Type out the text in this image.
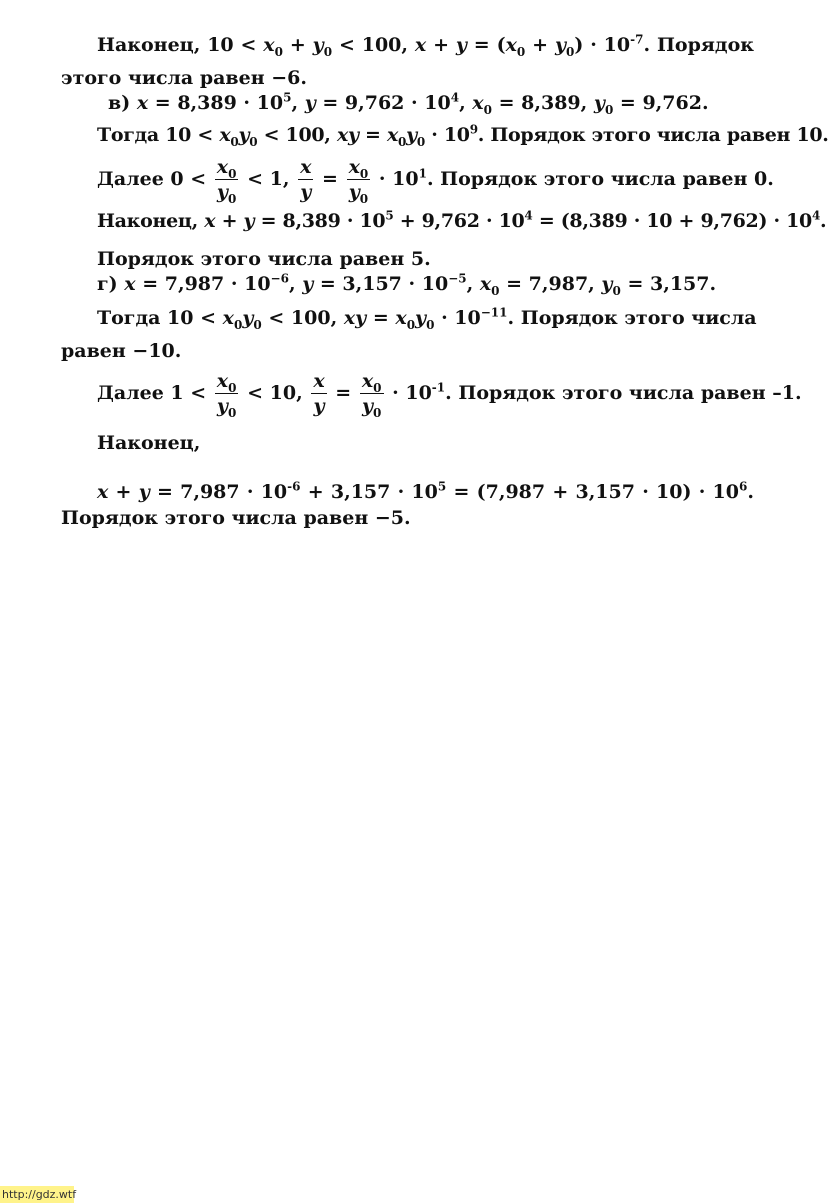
Наконец, $10 < x_0 + y_0 < 100$, $x + y = (x_0 + y_0) \cdot 10^{-7}$. Порядок
этого числа равен −6.
в) $x = 8,389 \cdot 10^5$, $y = 9,762 \cdot 10^4$, $x_0 = 8,389$, $y_0 = 9,762$.
Тогда $10 < x_0y_0 < 100$, xy = $x_0y_0 \cdot 10^9$. Порядок этого числа равен 10.
Далее $0 < \frac{x_0}{y_0} < 1$, $\frac{x}{y} = \frac{x_0}{y_0} \cdot 10^1$. Порядок этого числа равен 0.
Наконец, $x + y = 8,389 \cdot 10^5 + 9,762 \cdot 10^4 = (8,389 \cdot 10 + 9,762) \cdot 10^4$.
Порядок этого числа равен 5.
г) $x = 7,987 \cdot 10^{-6}$, $y = 3,157 \cdot 10^{-5}$, $x_0 = 7,987$, $y_0 = 3,157$.
Тогда $10 < x_0y_0 < 100$, xy = $x_0y_0 \cdot 10^{-11}$. Порядок этого числа
равен −10.
Далее $1 < \frac{x_0}{y_0} < 10$, $\frac{x}{y} = \frac{x_0}{y_0} \cdot 10^{-1}$. Порядок этого числа равен –1.
Наконец,
$x + y = 7,987 \cdot 10^{-6} + 3,157 \cdot 10^5 = (7,987 + 3,157 \cdot 10) \cdot 10^6$.
Порядок этого числа равен −5.
http://gdz.wtf
